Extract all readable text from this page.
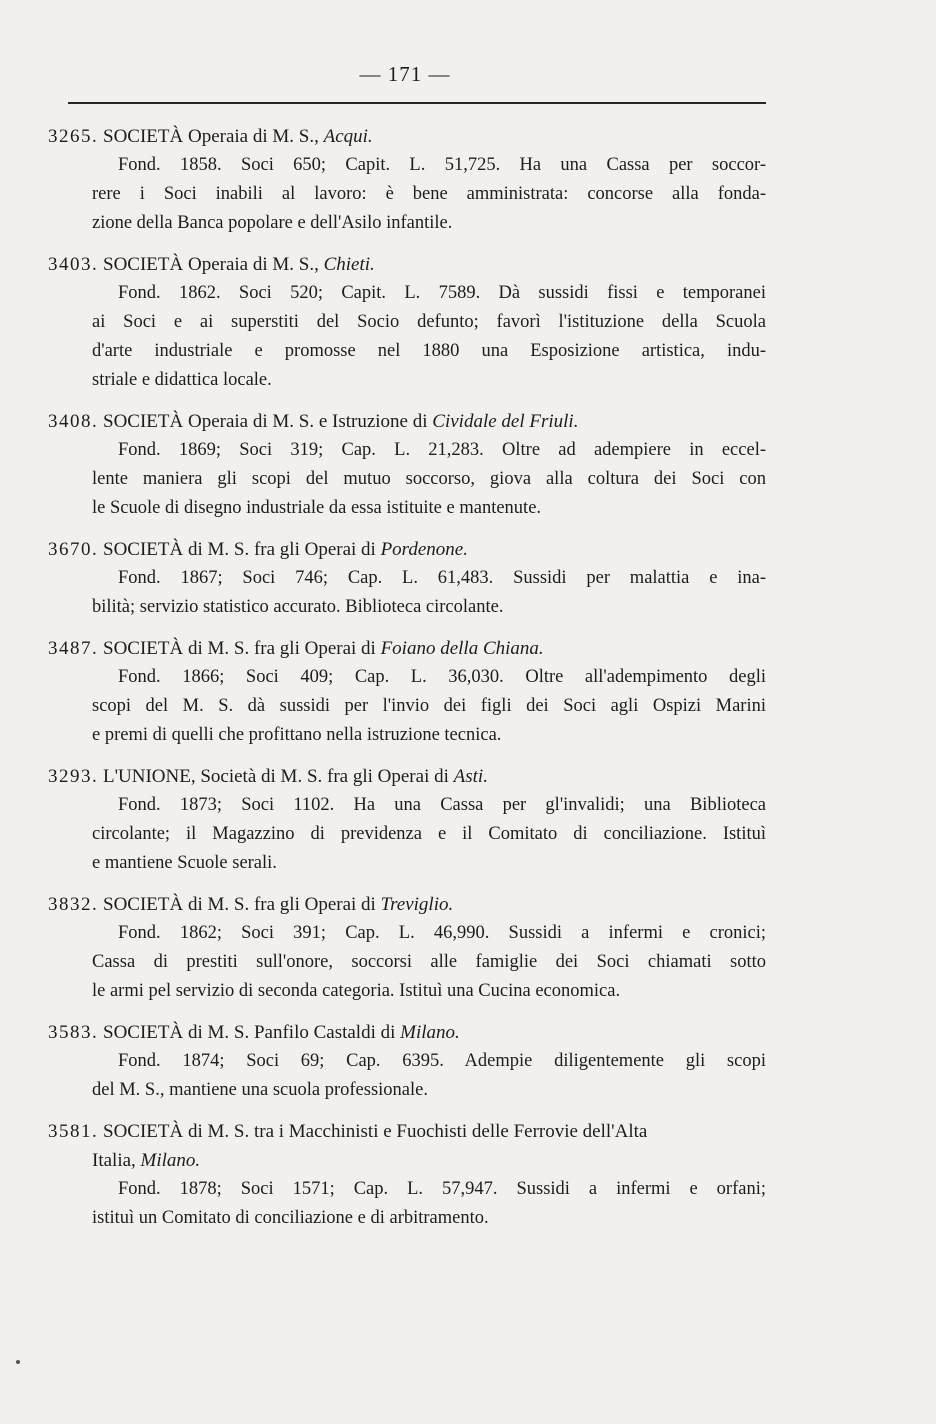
— 171 —
3265. SOCIETÀ Operaia di M. S., Acqui.
Fond. 1858. Soci 650; Capit. L. 51,725. Ha una Cassa per soccor-
rere i Soci inabili al lavoro: è bene amministrata: concorse alla fonda-
zione della Banca popolare e dell'Asilo infantile.
3403. SOCIETÀ Operaia di M. S., Chieti.
Fond. 1862. Soci 520; Capit. L. 7589. Dà sussidi fissi e temporanei
ai Soci e ai superstiti del Socio defunto; favorì l'istituzione della Scuola
d'arte industriale e promosse nel 1880 una Esposizione artistica, indu-
striale e didattica locale.
3408. SOCIETÀ Operaia di M. S. e Istruzione di Cividale del Friuli.
Fond. 1869; Soci 319; Cap. L. 21,283. Oltre ad adempiere in eccel-
lente maniera gli scopi del mutuo soccorso, giova alla coltura dei Soci con
le Scuole di disegno industriale da essa istituite e mantenute.
3670. SOCIETÀ di M. S. fra gli Operai di Pordenone.
Fond. 1867; Soci 746; Cap. L. 61,483. Sussidi per malattia e ina-
bilità; servizio statistico accurato. Biblioteca circolante.
3487. SOCIETÀ di M. S. fra gli Operai di Foiano della Chiana.
Fond. 1866; Soci 409; Cap. L. 36,030. Oltre all'adempimento degli
scopi del M. S. dà sussidi per l'invio dei figli dei Soci agli Ospizi Marini
e premi di quelli che profittano nella istruzione tecnica.
3293. L'UNIONE, Società di M. S. fra gli Operai di Asti.
Fond. 1873; Soci 1102. Ha una Cassa per gl'invalidi; una Biblioteca
circolante; il Magazzino di previdenza e il Comitato di conciliazione. Istituì
e mantiene Scuole serali.
3832. SOCIETÀ di M. S. fra gli Operai di Treviglio.
Fond. 1862; Soci 391; Cap. L. 46,990. Sussidi a infermi e cronici;
Cassa di prestiti sull'onore, soccorsi alle famiglie dei Soci chiamati sotto
le armi pel servizio di seconda categoria. Istituì una Cucina economica.
3583. SOCIETÀ di M. S. Panfilo Castaldi di Milano.
Fond. 1874; Soci 69; Cap. 6395. Adempie diligentemente gli scopi
del M. S., mantiene una scuola professionale.
3581. SOCIETÀ di M. S. tra i Macchinisti e Fuochisti delle Ferrovie dell'Alta
Italia, Milano.
Fond. 1878; Soci 1571; Cap. L. 57,947. Sussidi a infermi e orfani;
istituì un Comitato di conciliazione e di arbitramento.
